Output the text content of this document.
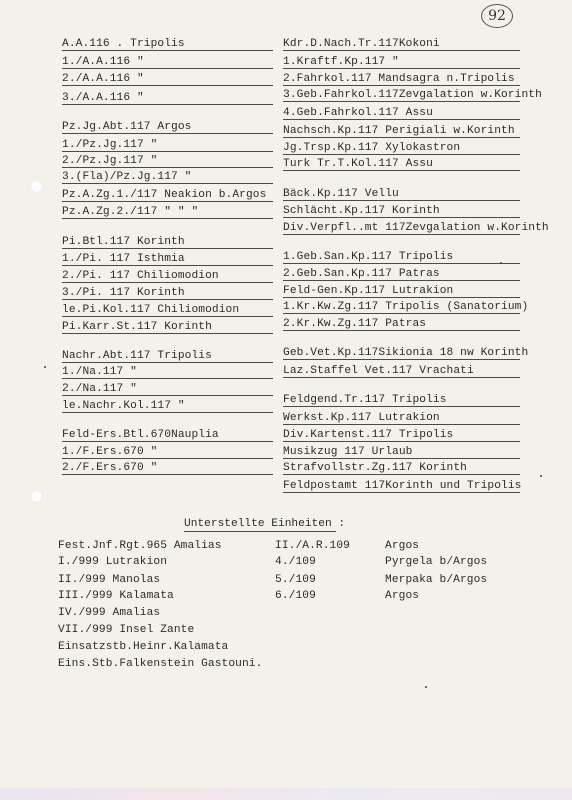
92
A.A.116 . Tripolis
1./A.A.116 "
2./A.A.116 "
3./A.A.116 "
Pz.Jg.Abt.117 Argos
1./Pz.Jg.117 "
2./Pz.Jg.117 "
3.(Fla)/Pz.Jg.117 "
Pz.A.Zg.1./117 Neakion b.Argos
Pz.A.Zg.2./117 " " "
Pi.Btl.117 Korinth
1./Pi. 117 Isthmia
2./Pi. 117 Chiliomodion
3./Pi. 117 Korinth
le.Pi.Kol.117 Chiliomodion
Pi.Karr.St.117 Korinth
Nachr.Abt.117 Tripolis
1./Na.117 "
2./Na.117 "
le.Nachr.Kol.117 "
Feld-Ers.Btl.670Nauplia
1./F.Ers.670 "
2./F.Ers.670 "
Kdr.D.Nach.Tr.117Kokoni
1.Kraftf.Kp.117 "
2.Fahrkol.117 Mandsagra n.Tripolis
3.Geb.Fahrkol.117Zevgalation w.Korinth
4.Geb.Fahrkol.117 Assu
Nachsch.Kp.117 Perigiali w.Korinth
Jg.Trsp.Kp.117 Xylokastron
Turk Tr.T.Kol.117 Assu
Bäck.Kp.117 Vellu
Schlächt.Kp.117 Korinth
Div.Verpfl..mt 117Zevgalation w.Korinth
1.Geb.San.Kp.117 Tripolis
2.Geb.San.Kp.117 Patras
Feld-Gen.Kp.117 Lutrakion
1.Kr.Kw.Zg.117 Tripolis (Sanatorium)
2.Kr.Kw.Zg.117 Patras
Geb.Vet.Kp.117Sikionia 18 nw Korinth
Laz.Staffel Vet.117 Vrachati
Feldgend.Tr.117 Tripolis
Werkst.Kp.117 Lutrakion
Div.Kartenst.117 Tripolis
Musikzug 117 Urlaub
Strafvollstr.Zg.117 Korinth
Feldpostamt 117Korinth und Tripolis
Unterstellte Einheiten :
Fest.Jnf.Rgt.965 Amalias
I./999 Lutrakion
II./999 Manolas
III./999 Kalamata
IV./999 Amalias
VII./999 Insel Zante
Einsatzstb.Heinr.Kalamata
Eins.Stb.Falkenstein Gastouni.
II./A.R.109
4./109
5./109
6./109
Argos
Pyrgela b/Argos
Merpaka b/Argos
Argos
